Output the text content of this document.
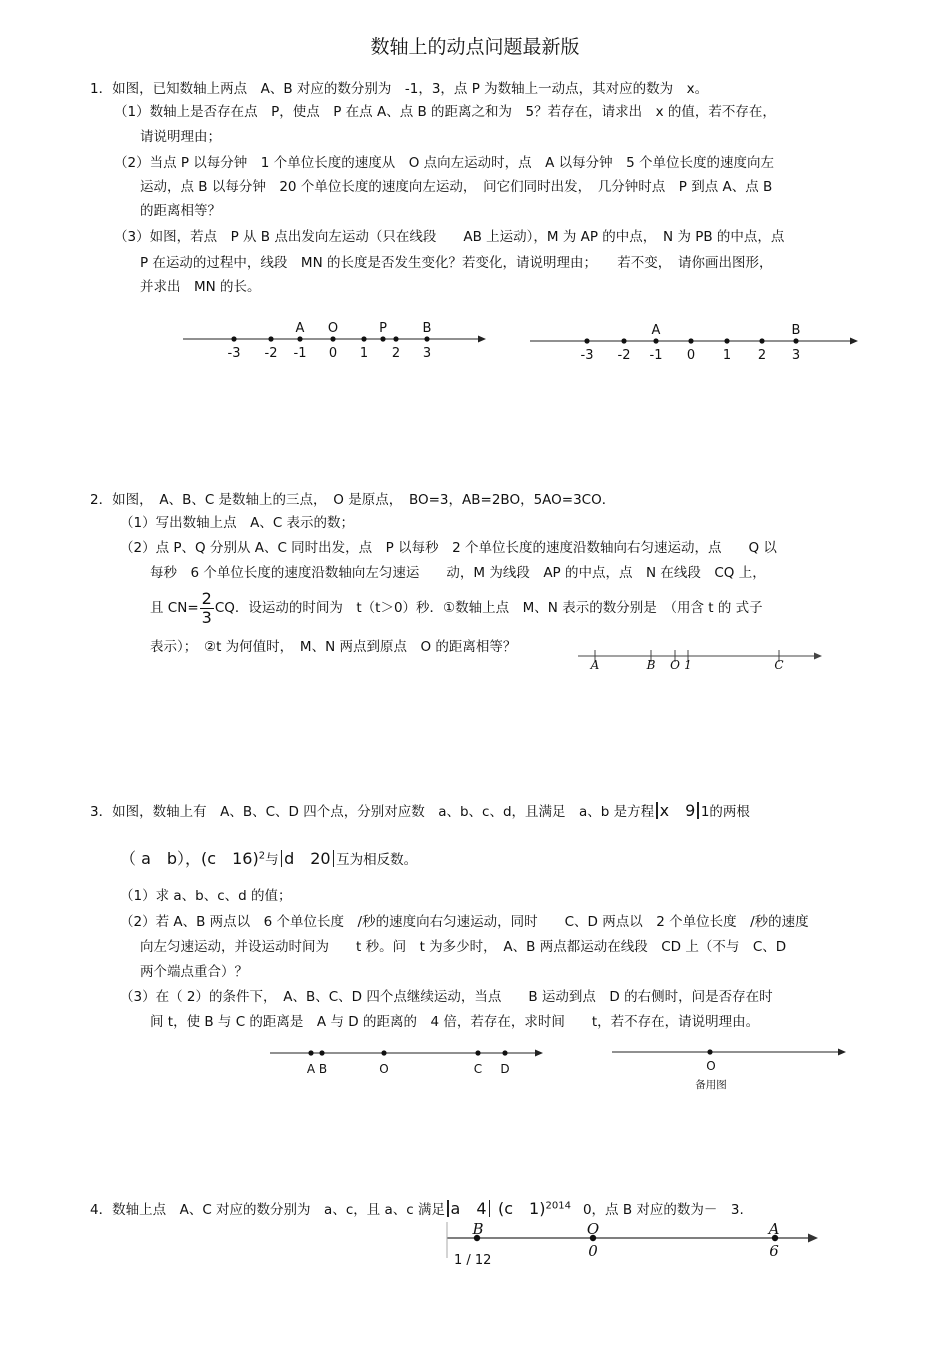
数轴上的动点问题最新版
1．如图，已知数轴上两点　A、B 对应的数分别为　-1，3，点 P 为数轴上一动点，其对应的数为　x。
（1）数轴上是否存在点　P，使点　P 在点 A、点 B 的距离之和为　5？若存在，请求出　x 的值，若不存在，
请说明理由；
（2）当点 P 以每分钟　1 个单位长度的速度从　O 点向左运动时，点　A 以每分钟　5 个单位长度的速度向左
运动，点 B 以每分钟　20 个单位长度的速度向左运动，　问它们同时出发，　几分钟时点　P 到点 A、点 B
的距离相等？
（3）如图，若点　P 从 B 点出发向左运动（只在线段　　AB 上运动），M 为 AP 的中点，　N 为 PB 的中点，点
P 在运动的过程中，线段　MN 的长度是否发生变化？若变化，请说明理由；　　若不变，　请你画出图形，
并求出　MN 的长。
A O	P	B
-3 -2 -1 0 1 2 3
A	B
-3 -2 -1 0 1 2 3
A	B O 1	C
A B	O	C D	O
备用图
B	O	A
0	6
2．如图，　A、B、C 是数轴上的三点，　O 是原点，　BO=3，AB=2BO，5AO=3CO．
（1）写出数轴上点　A、C 表示的数；
（2）点 P、Q 分别从 A、C 同时出发，点　P 以每秒　2 个单位长度的速度沿数轴向右匀速运动，点　　Q 以
每秒　6 个单位长度的速度沿数轴向左匀速运　　动，M 为线段　AP 的中点，点　N 在线段　CQ 上，
且 $CN= \frac{2}{3}$ CQ．设运动的时间为　t（t＞0）秒．①数轴上点　M、N 表示的数分别是　（用含 t 的 式子
表示）；　②t 为何值时，　M、N 两点到原点　O 的距离相等？
3．如图，数轴上有　A、B、C、D 四个点，分别对应数　a、b、c、d，且满足　a、b 是方程 x　9 1的两根
（ a　b），(c　16)$^2$与 d　20 互为相反数。
（1）求 a、b、c、d 的值；
（2）若 A、B 两点以　6 个单位长度　/秒的速度向右匀速运动，同时　　C、D 两点以　2 个单位长度　/秒的速度
向左匀速运动，并设运动时间为　　t 秒。问　t 为多少时，　A、B 两点都运动在线段　CD 上（不与　C、D
两个端点重合）？
（3）在（ 2）的条件下，　A、B、C、D 四个点继续运动，当点　　B 运动到点　D 的右侧时，问是否存在时
间 t，使 B 与 C 的距离是　A 与 D 的距离的　4 倍，若存在，求时间　　t，若不存在，请说明理由。
4．数轴上点　A、C 对应的数分别为　a、c，且 a、c 满足 a　4 (c　1)$^{2014}$ 0，点 B 对应的数为－　3.
1 / 12
